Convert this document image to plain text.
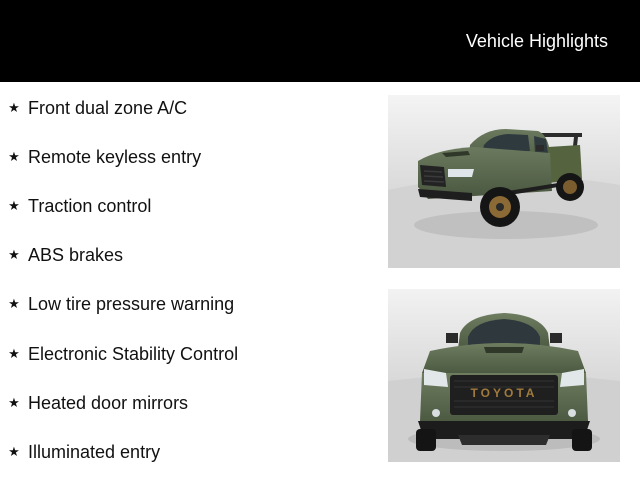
Vehicle Highlights
★ Front dual zone A/C
★ Remote keyless entry
★ Traction control
★ ABS brakes
★ Low tire pressure warning
★ Electronic Stability Control
★ Heated door mirrors
★ Illuminated entry
TOYOTA
